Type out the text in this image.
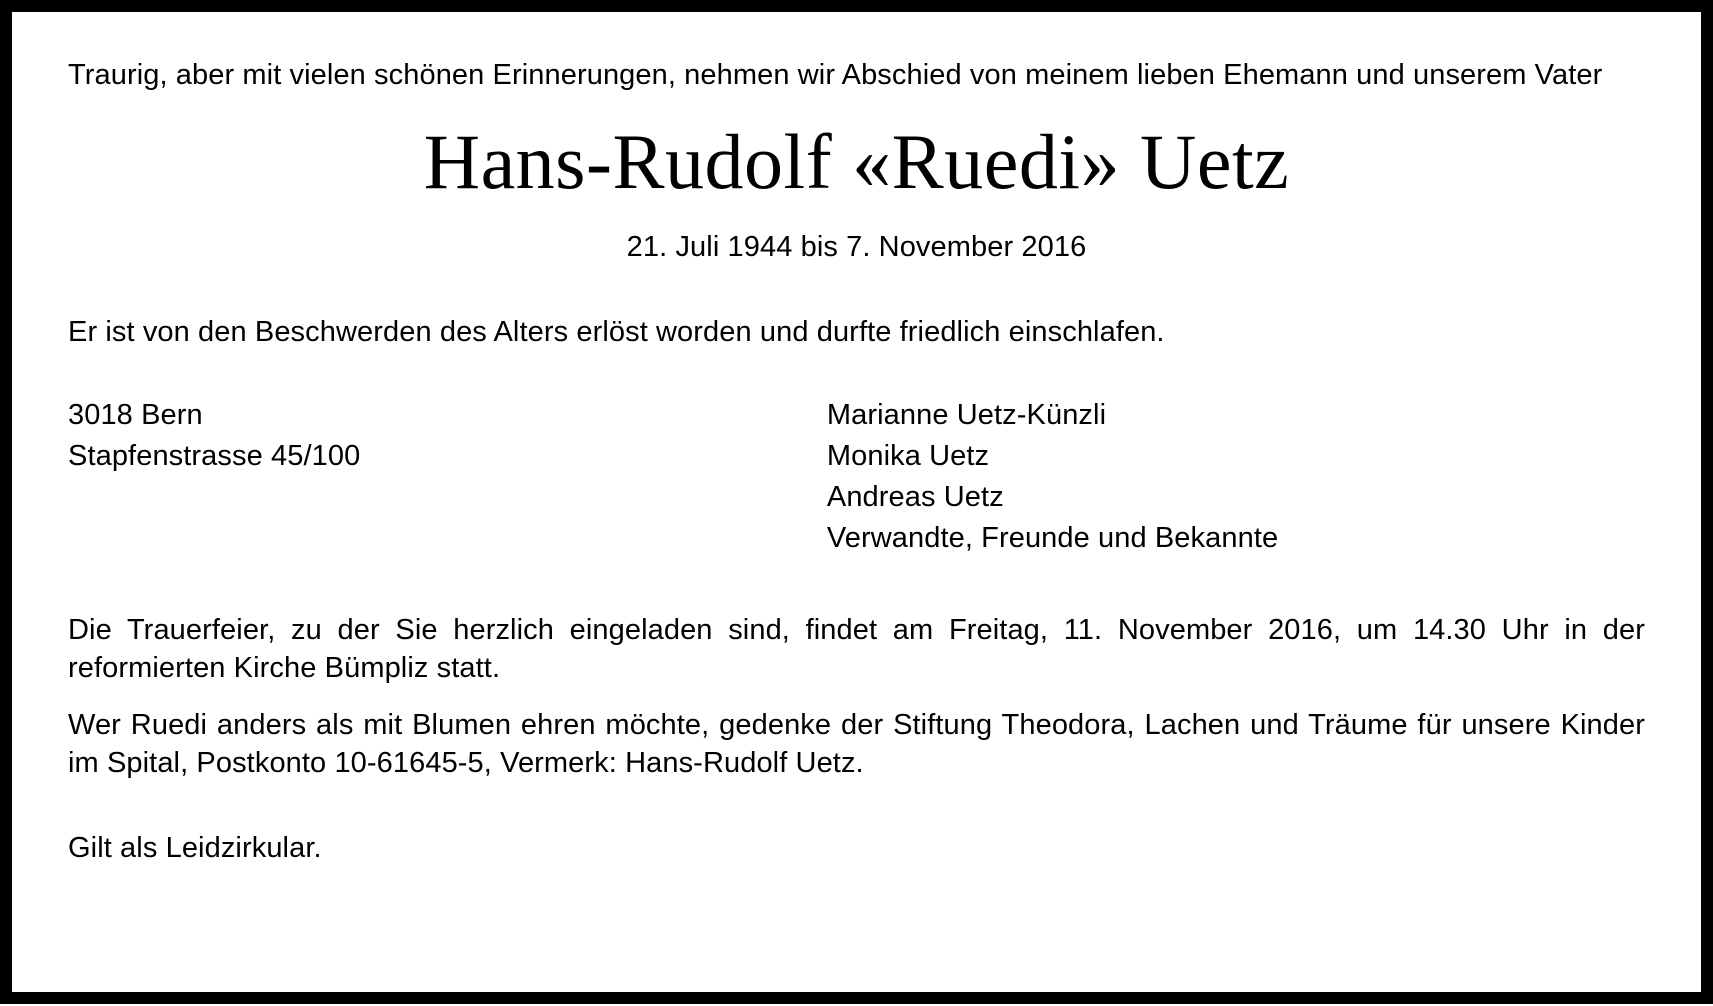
Traurig, aber mit vielen schönen Erinnerungen, nehmen wir Abschied von meinem lieben Ehemann und unserem Vater

Hans-Rudolf «Ruedi» Uetz
21. Juli 1944 bis 7. November 2016

Er ist von den Beschwerden des Alters erlöst worden und durfte friedlich einschlafen.

3018 Bern
Stapfenstrasse 45/100
Marianne Uetz-Künzli
Monika Uetz
Andreas Uetz
Verwandte, Freunde und Bekannte

Die Trauerfeier, zu der Sie herzlich eingeladen sind, findet am Freitag, 11. November 2016, um 14.30 Uhr in der reformierten Kirche Bümpliz statt.

Wer Ruedi anders als mit Blumen ehren möchte, gedenke der Stiftung Theodora, Lachen und Träume für unsere Kinder im Spital, Postkonto 10-61645-5, Vermerk: Hans-Rudolf Uetz.

Gilt als Leidzirkular.
